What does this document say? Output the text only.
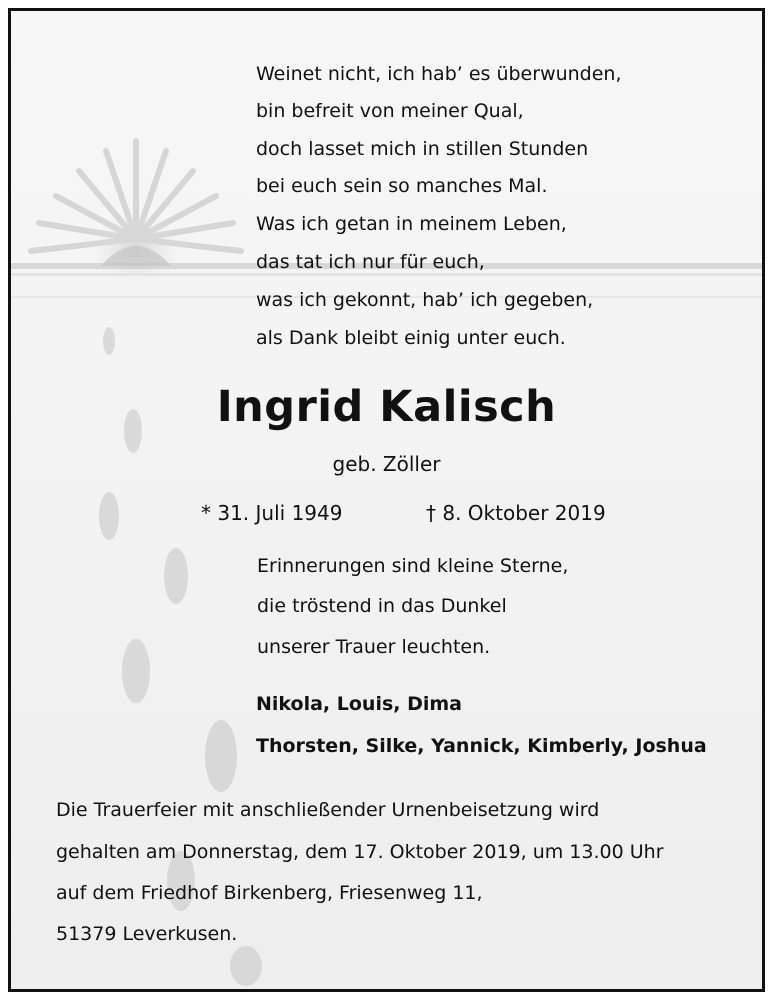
Weinet nicht, ich hab’ es überwunden,
bin befreit von meiner Qual,
doch lasset mich in stillen Stunden
bei euch sein so manches Mal.
Was ich getan in meinem Leben,
das tat ich nur für euch,
was ich gekonnt, hab’ ich gegeben,
als Dank bleibt einig unter euch.
Ingrid Kalisch
geb. Zöller
* 31. Juli 1949	† 8. Oktober 2019
Erinnerungen sind kleine Sterne,
die tröstend in das Dunkel
unserer Trauer leuchten.
Nikola, Louis, Dima
Thorsten, Silke, Yannick, Kimberly, Joshua
Die Trauerfeier mit anschließender Urnenbeisetzung wird
gehalten am Donnerstag, dem 17. Oktober 2019, um 13.00 Uhr
auf dem Friedhof Birkenberg, Friesenweg 11,
51379 Leverkusen.
